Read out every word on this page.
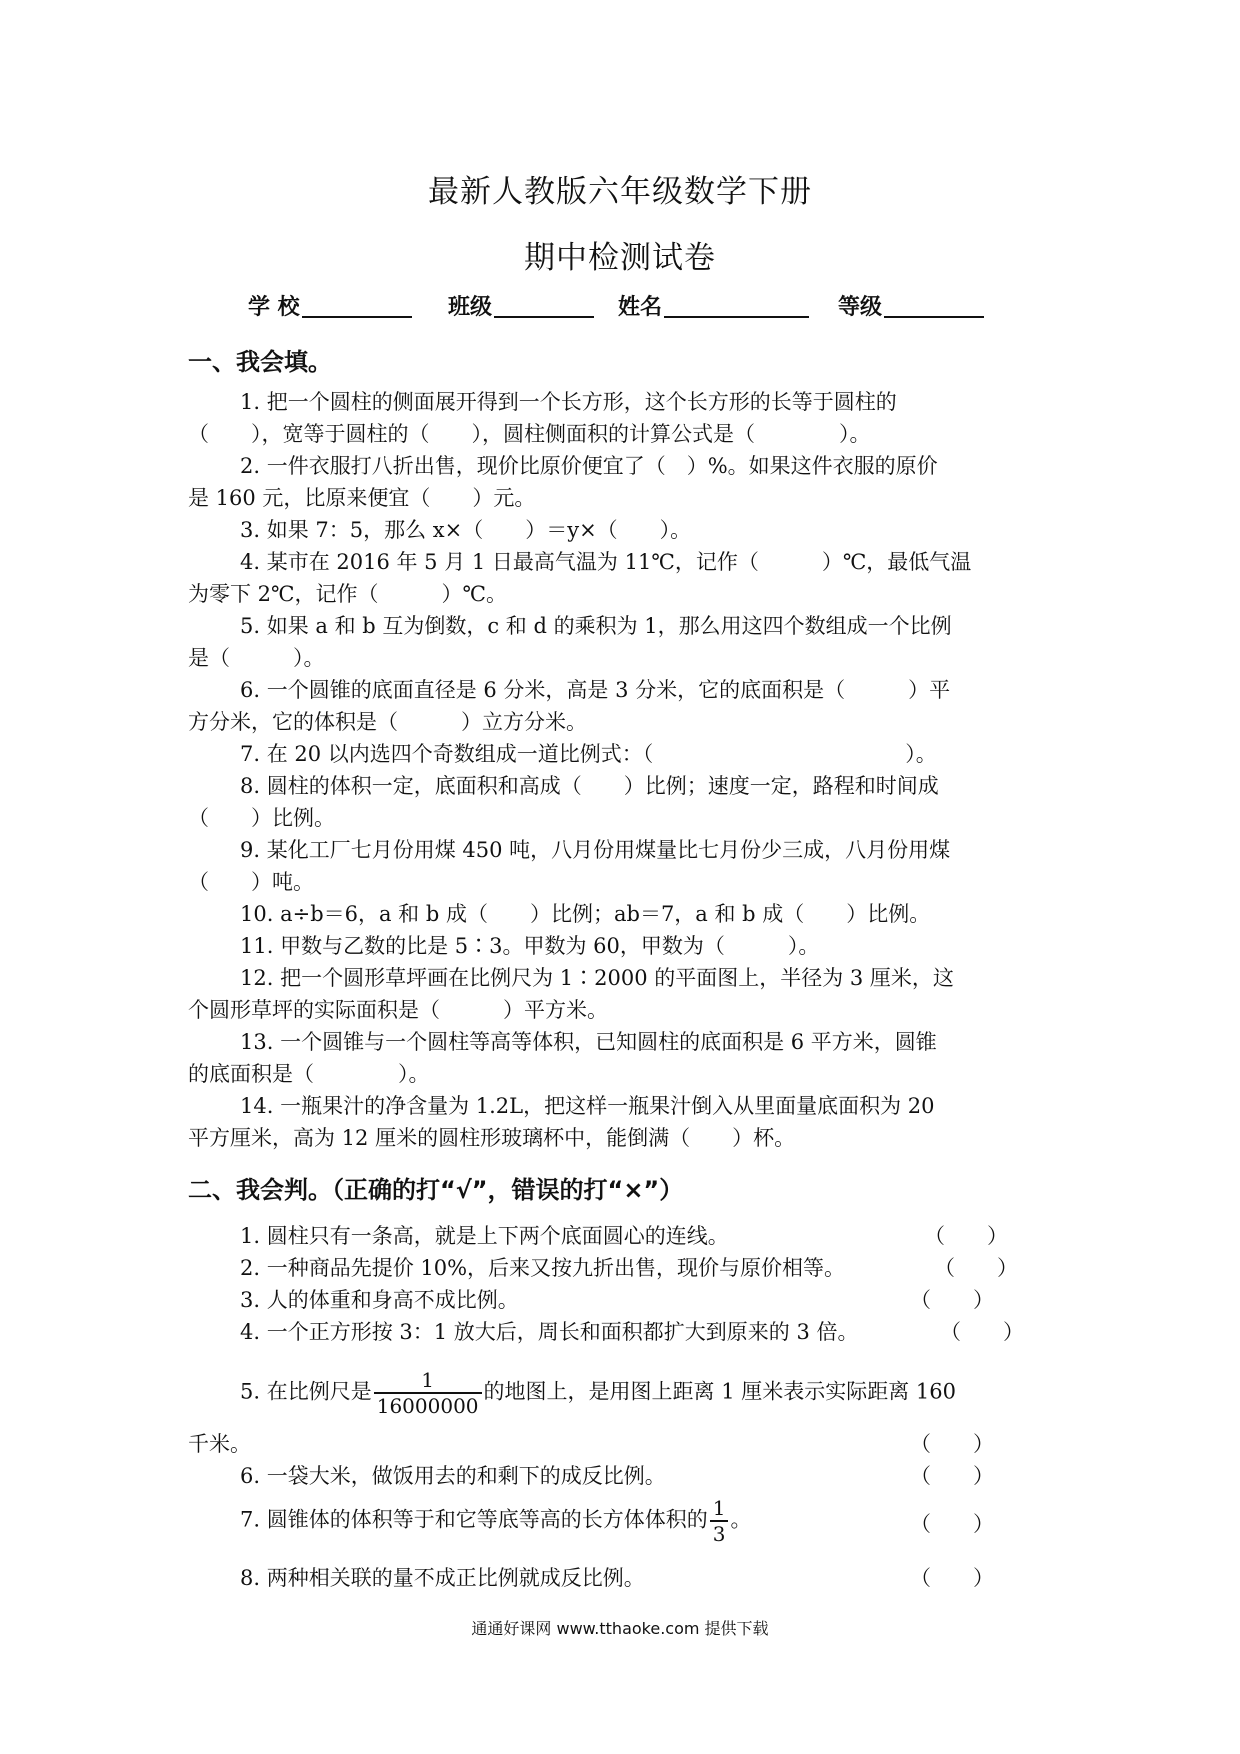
最新人教版六年级数学下册
期中检测试卷
学 校	班级	姓名	等级
一、我会填。
1. 把一个圆柱的侧面展开得到一个长方形，这个长方形的长等于圆柱的
（　　），宽等于圆柱的（　　），圆柱侧面积的计算公式是（　　　　）。
2. 一件衣服打八折出售，现价比原价便宜了（　）%。如果这件衣服的原价
是 160 元，比原来便宜（　　）元。
3. 如果 7：5，那么 x×（　　）＝y×（　　）。
4. 某市在 2016 年 5 月 1 日最高气温为 11℃，记作（　　　）℃，最低气温
为零下 2℃，记作（　　　）℃。
5. 如果 a 和 b 互为倒数，c 和 d 的乘积为 1，那么用这四个数组成一个比例
是（　　　）。
6. 一个圆锥的底面直径是 6 分米，高是 3 分米，它的底面积是（　　　）平
方分米，它的体积是（　　　）立方分米。
7. 在 20 以内选四个奇数组成一道比例式：（　　　　　　　　　　　　）。
8. 圆柱的体积一定，底面积和高成（　　）比例；速度一定，路程和时间成
（　　）比例。
9. 某化工厂七月份用煤 450 吨，八月份用煤量比七月份少三成，八月份用煤
（　　）吨。
10. a÷b＝6，a 和 b 成（　　）比例；ab＝7，a 和 b 成（　　）比例。
11. 甲数与乙数的比是 5∶3。甲数为 60，甲数为（　　　）。
12. 把一个圆形草坪画在比例尺为 1∶2000 的平面图上，半径为 3 厘米，这
个圆形草坪的实际面积是（　　　）平方米。
13. 一个圆锥与一个圆柱等高等体积，已知圆柱的底面积是 6 平方米，圆锥
的底面积是（　　　　）。
14. 一瓶果汁的净含量为 1.2L，把这样一瓶果汁倒入从里面量底面积为 20
平方厘米，高为 12 厘米的圆柱形玻璃杯中，能倒满（　　）杯。
二、我会判。（正确的打“√”，错误的打“×”）
1. 圆柱只有一条高，就是上下两个底面圆心的连线。	（　　）
2. 一种商品先提价 10%，后来又按九折出售，现价与原价相等。	（　　）
3. 人的体重和身高不成比例。	（　　）
4. 一个正方形按 3：1 放大后，周长和面积都扩大到原来的 3 倍。	（　　）
5. 在比例尺是 $\frac{1}{16000000}$ 的地图上，是用图上距离 1 厘米表示实际距离 160
千米。	（　　）
6. 一袋大米，做饭用去的和剩下的成反比例。	（　　）
7. 圆锥体的体积等于和它等底等高的长方体体积的 $\frac{1}{3}$ 。	（　　）
8. 两种相关联的量不成正比例就成反比例。	（　　）
通通好课网 www.tthaoke.com 提供下载
